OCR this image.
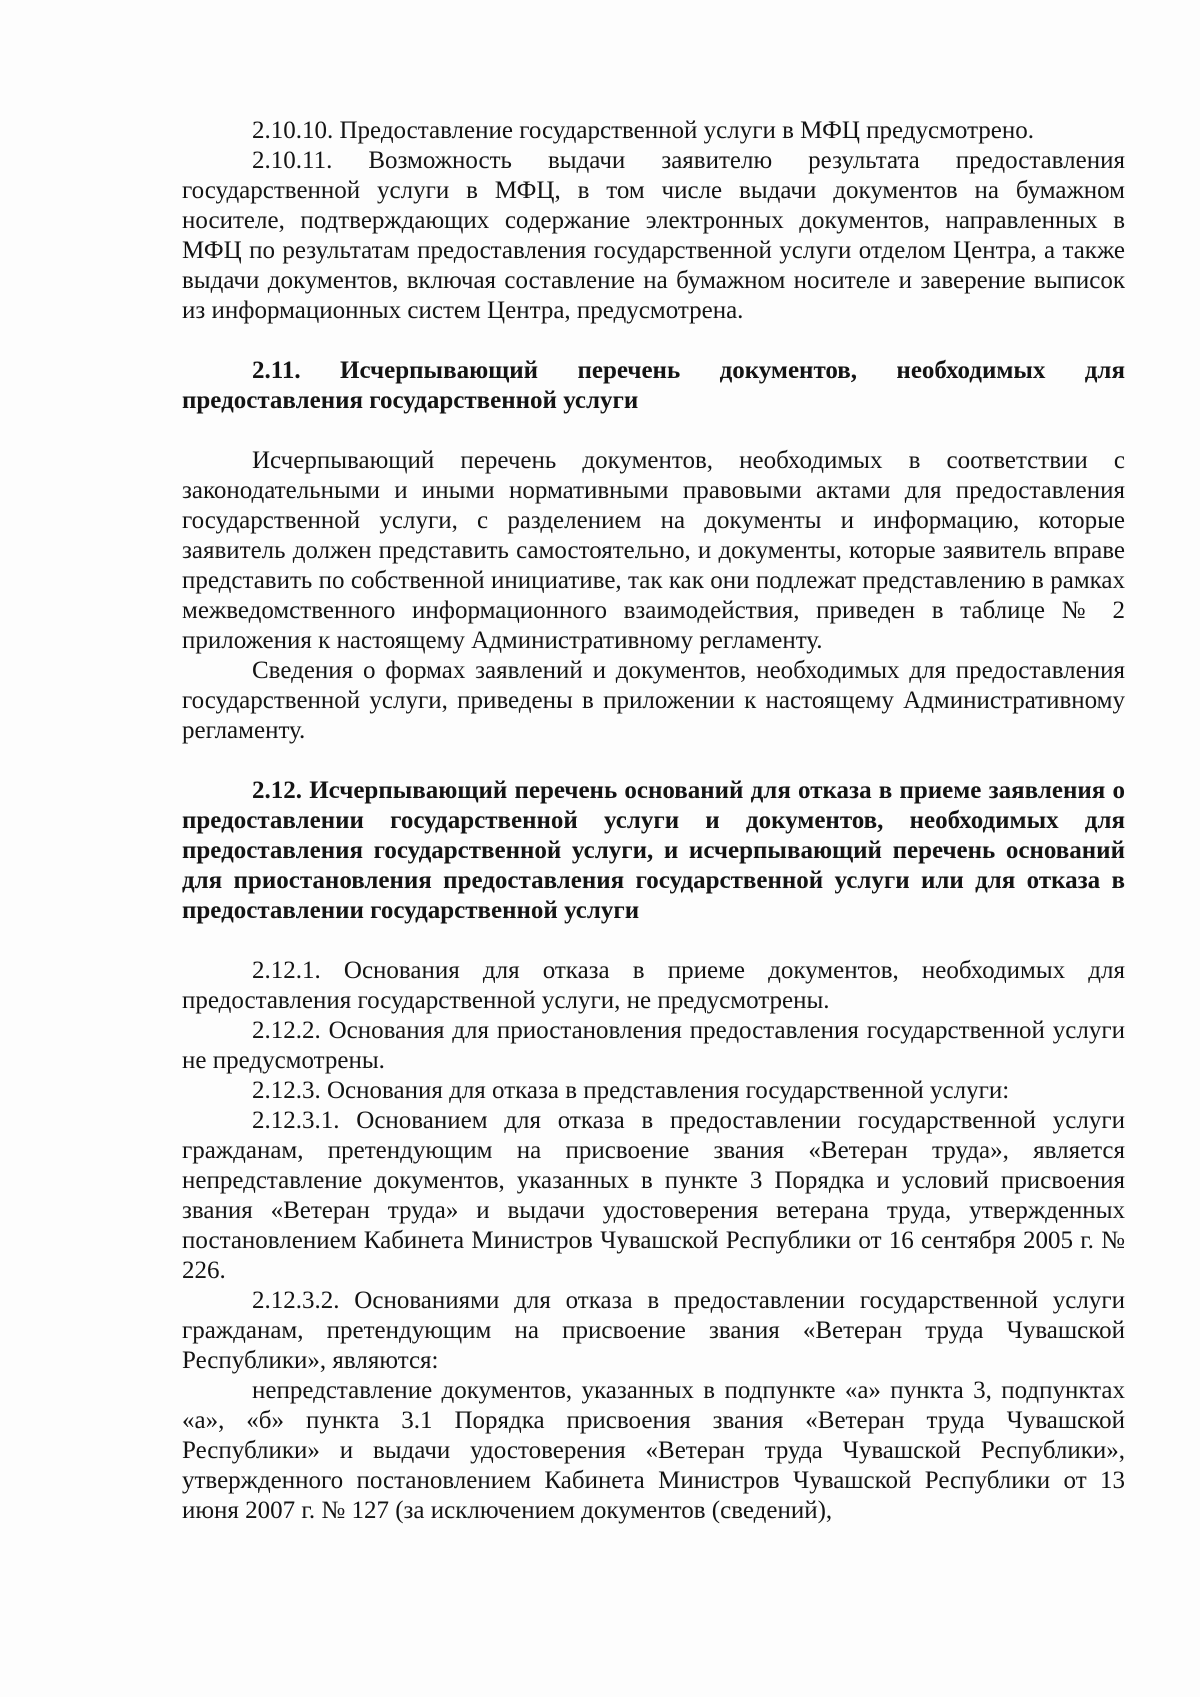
2.10.10. Предоставление государственной услуги в МФЦ предусмотрено.

2.10.11. Возможность выдачи заявителю результата предоставления государственной услуги в МФЦ, в том числе выдачи документов на бумажном носителе, подтверждающих содержание электронных документов, направленных в МФЦ по результатам предоставления государственной услуги отделом Центра, а также выдачи документов, включая составление на бумажном носителе и заверение выписок из информационных систем Центра, предусмотрена.

2.11. Исчерпывающий перечень документов, необходимых для предоставления государственной услуги

Исчерпывающий перечень документов, необходимых в соответствии с законодательными и иными нормативными правовыми актами для предоставления государственной услуги, с разделением на документы и информацию, которые заявитель должен представить самостоятельно, и документы, которые заявитель вправе представить по собственной инициативе, так как они подлежат представлению в рамках межведомственного информационного взаимодействия, приведен в таблице № 2 приложения к настоящему Административному регламенту.

Сведения о формах заявлений и документов, необходимых для предоставления государственной услуги, приведены в приложении к настоящему Административному регламенту.

2.12. Исчерпывающий перечень оснований для отказа в приеме заявления о предоставлении государственной услуги и документов, необходимых для предоставления государственной услуги, и исчерпывающий перечень оснований для приостановления предоставления государственной услуги или для отказа в предоставлении государственной услуги

2.12.1. Основания для отказа в приеме документов, необходимых для предоставления государственной услуги, не предусмотрены.

2.12.2. Основания для приостановления предоставления государственной услуги не предусмотрены.

2.12.3. Основания для отказа в представления государственной услуги:

2.12.3.1. Основанием для отказа в предоставлении государственной услуги гражданам, претендующим на присвоение звания «Ветеран труда», является непредставление документов, указанных в пункте 3 Порядка и условий присвоения звания «Ветеран труда» и выдачи удостоверения ветерана труда, утвержденных постановлением Кабинета Министров Чувашской Республики от 16 сентября 2005 г. № 226.

2.12.3.2. Основаниями для отказа в предоставлении государственной услуги гражданам, претендующим на присвоение звания «Ветеран труда Чувашской Республики», являются:

непредставление документов, указанных в подпункте «а» пункта 3, подпунктах «а», «б» пункта 3.1 Порядка присвоения звания «Ветеран труда Чувашской Республики» и выдачи удостоверения «Ветеран труда Чувашской Республики», утвержденного постановлением Кабинета Министров Чувашской Республики от 13 июня 2007 г. № 127 (за исключением документов (сведений),
